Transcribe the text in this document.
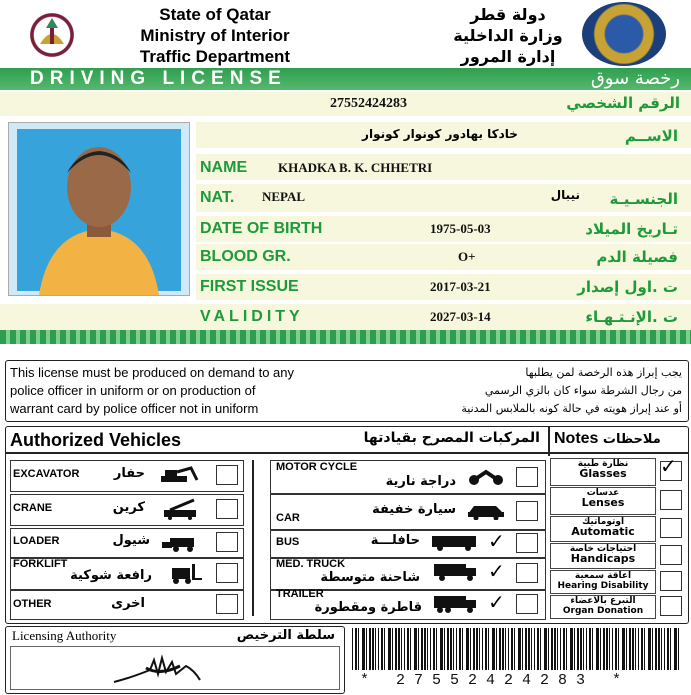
State of Qatar
Ministry of Interior
Traffic Department
دولة قطر
وزارة الداخلية
إدارة المرور
DRIVING LICENSE	رخصة سوق
27552424283	الرقم الشخصي
خادكا بهادور كونوار كونوار	الاســم
NAME KHADKA B. K. CHHETRI
NAT. NEPAL	نيبال	الجنسـيـة
DATE OF BIRTH	1975-05-03	تـاريخ الميلاد
BLOOD GR.	O+	فصيلة الدم
FIRST ISSUE	2017-03-21	ت .اول إصدار
VALIDITY	2027-03-14	ت .الإنـتـهـاء
This license must be produced on demand to any
police officer in uniform or on production of
warrant card by police officer not in uniform
يجب إبراز هذه الرخصة لمن يطلبها
من رجال الشرطة سواء كان بالزي الرسمي
أو عند إبراز هويته في حالة كونه بالملابس المدنية
Authorized Vehicles	المركبات المصرح بقيادتها Notes ملاحظات
EXCAVATOR	حفار
CRANE	كرين
LOADER	شيول
FORKLIFT
رافعة شوكية
OTHER	اخرى
MOTOR CYCLE
دراجة نارية
CAR
سيارة خفيفة
BUS	حافلـــة	✓
MED. TRUCK
شاحنة متوسطة	✓
TRAILER
قاطرة ومقطورة	✓
نظارة طبية
Glasses	✓
عدسات
Lenses
اوتوماتيك
Automatic
احتياجات خاصة
Handicaps
اعاقة سمعية
Hearing Disability
التبرع بالاعضاء
Organ Donation
Licensing Authority	سلطة الترخيص
* 27552424283 *
